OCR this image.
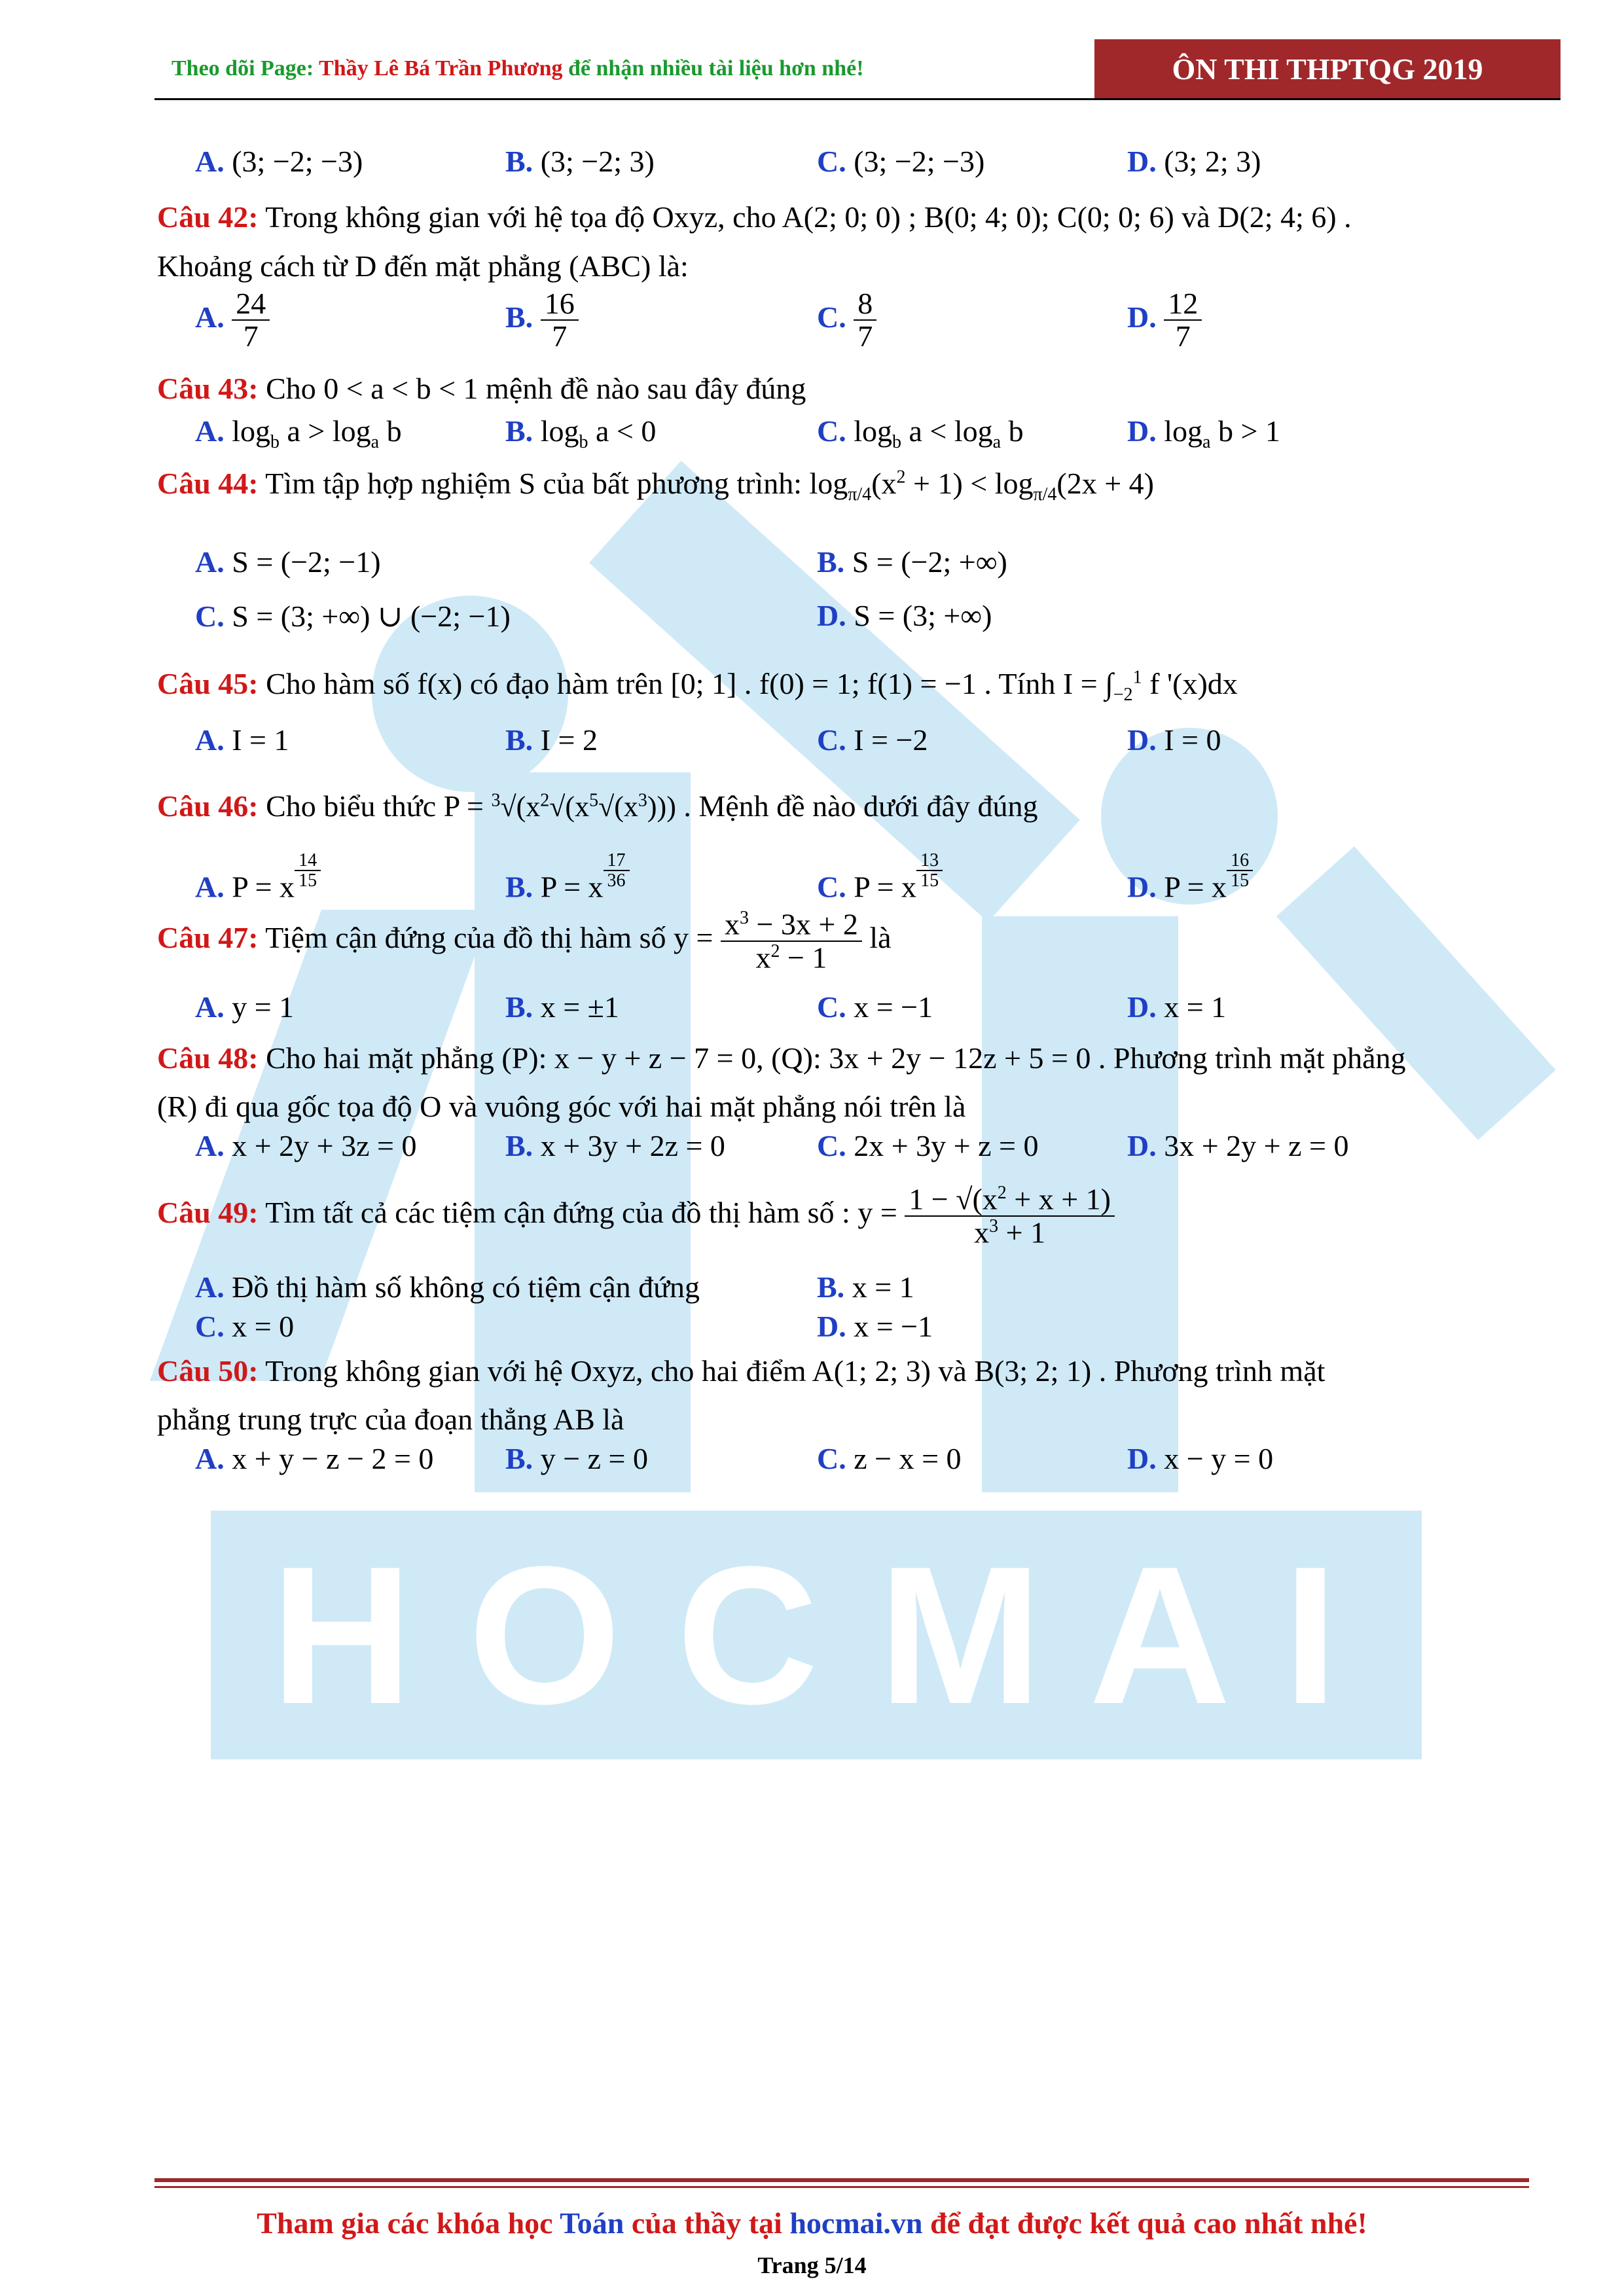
H O C M A I
Theo dõi Page: Thầy Lê Bá Trần Phương để nhận nhiều tài liệu hơn nhé!	ÔN THI THPTQG 2019
A. (3; −2; −3)	B. (3; −2; 3)	C. (3; −2; −3)	D. (3; 2; 3)
Câu 42: Trong không gian với hệ tọa độ Oxyz, cho A(2; 0; 0) ; B(0; 4; 0); C(0; 0; 6) và D(2; 4; 6) .
Khoảng cách từ D đến mặt phẳng (ABC) là:
A. $\frac{24}{7}$	B. $\frac{16}{7}$	C. $\frac{8}{7}$	D. $\frac{12}{7}$
Câu 43: Cho 0 < a < b < 1 mệnh đề nào sau đây đúng
A. $\log_b a > \log_a b$	B. $\log_b a < 0$	C. $\log_b a < \log_a b$	D. $\log_a b > 1$
Câu 44: Tìm tập hợp nghiệm S của bất phương trình: $\log_{\pi/4}(x^2 + 1) < \log_{\pi/4}(2x + 4)$
A. S = (−2; −1)	B. S = (−2; +∞)
C. S = (3; +∞) ∪ (−2; −1)	D. S = (3; +∞)
Câu 45: Cho hàm số f(x) có đạo hàm trên [0; 1] . f(0) = 1; f(1) = −1 . Tính $I = \int_{-2}^1$ f '(x)dx
A. I = 1	B. I = 2	C. I = −2	D. I = 0
Câu 46: Cho biểu thức $P = ^3√(x^2√(x^5√(x^3)))$ . Mệnh đề nào dưới đây đúng
A. P = x $\frac{14}{15}$	B. P = x $\frac{17}{36}$	C. P = x $\frac{13}{15}$	D. P = x $\frac{16}{15}$
Câu 47: Tiệm cận đứng của đồ thị hàm số $y = \frac{x^3 - 3x + 2}{x^2 - 1}$ là
A. y = 1	B. x = ±1	C. x = −1	D. x = 1
Câu 48: Cho hai mặt phẳng (P): x − y + z − 7 = 0, (Q): 3x + 2y − 12z + 5 = 0 . Phương trình mặt phẳng
(R) đi qua gốc tọa độ O và vuông góc với hai mặt phẳng nói trên là
A. x + 2y + 3z = 0	B. x + 3y + 2z = 0	C. 2x + 3y + z = 0	D. 3x + 2y + z = 0
Câu 49: Tìm tất cả các tiệm cận đứng của đồ thị hàm số : $y = \frac{1 - √(x^2 + x + 1)}{x^3 + 1}$
A. Đồ thị hàm số không có tiệm cận đứng	B. x = 1
C. x = 0	D. x = −1
Câu 50: Trong không gian với hệ Oxyz, cho hai điểm A(1; 2; 3) và B(3; 2; 1) . Phương trình mặt
phẳng trung trực của đoạn thẳng AB là
A. x + y − z − 2 = 0 B. y − z = 0	C. z − x = 0	D. x − y = 0
Tham gia các khóa học Toán của thầy tại hocmai.vn để đạt được kết quả cao nhất nhé!
Trang 5/14
